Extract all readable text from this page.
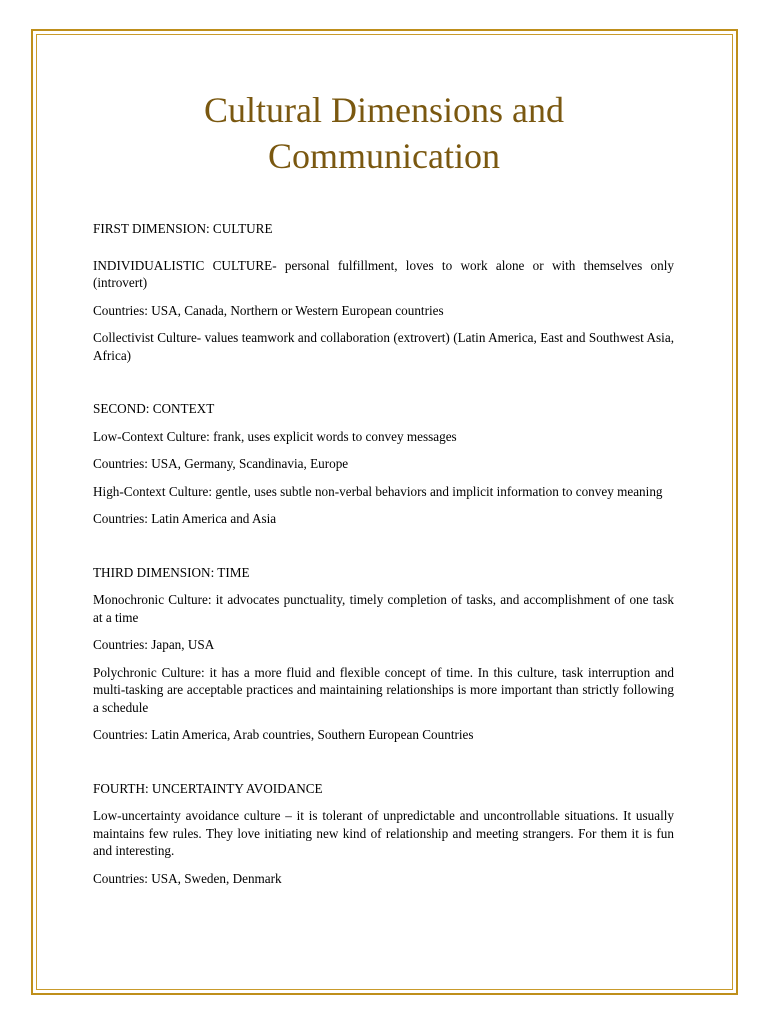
Cultural Dimensions and
Communication

FIRST DIMENSION: CULTURE

INDIVIDUALISTIC CULTURE- personal fulfillment, loves to work alone or with themselves only (introvert)

Countries: USA, Canada, Northern or Western European countries

Collectivist Culture- values teamwork and collaboration (extrovert) (Latin America, East and Southwest Asia, Africa)

SECOND: CONTEXT

Low-Context Culture: frank, uses explicit words to convey messages

Countries: USA, Germany, Scandinavia, Europe

High-Context Culture: gentle, uses subtle non-verbal behaviors and implicit information to convey meaning

Countries: Latin America and Asia

THIRD DIMENSION: TIME

Monochronic Culture: it advocates punctuality, timely completion of tasks, and accomplishment of one task at a time

Countries: Japan, USA

Polychronic Culture: it has a more fluid and flexible concept of time. In this culture, task interruption and multi-tasking are acceptable practices and maintaining relationships is more important than strictly following a schedule

Countries: Latin America, Arab countries, Southern European Countries

FOURTH: UNCERTAINTY AVOIDANCE

Low-uncertainty avoidance culture – it is tolerant of unpredictable and uncontrollable situations. It usually maintains few rules. They love initiating new kind of relationship and meeting strangers. For them it is fun and interesting.

Countries: USA, Sweden, Denmark
